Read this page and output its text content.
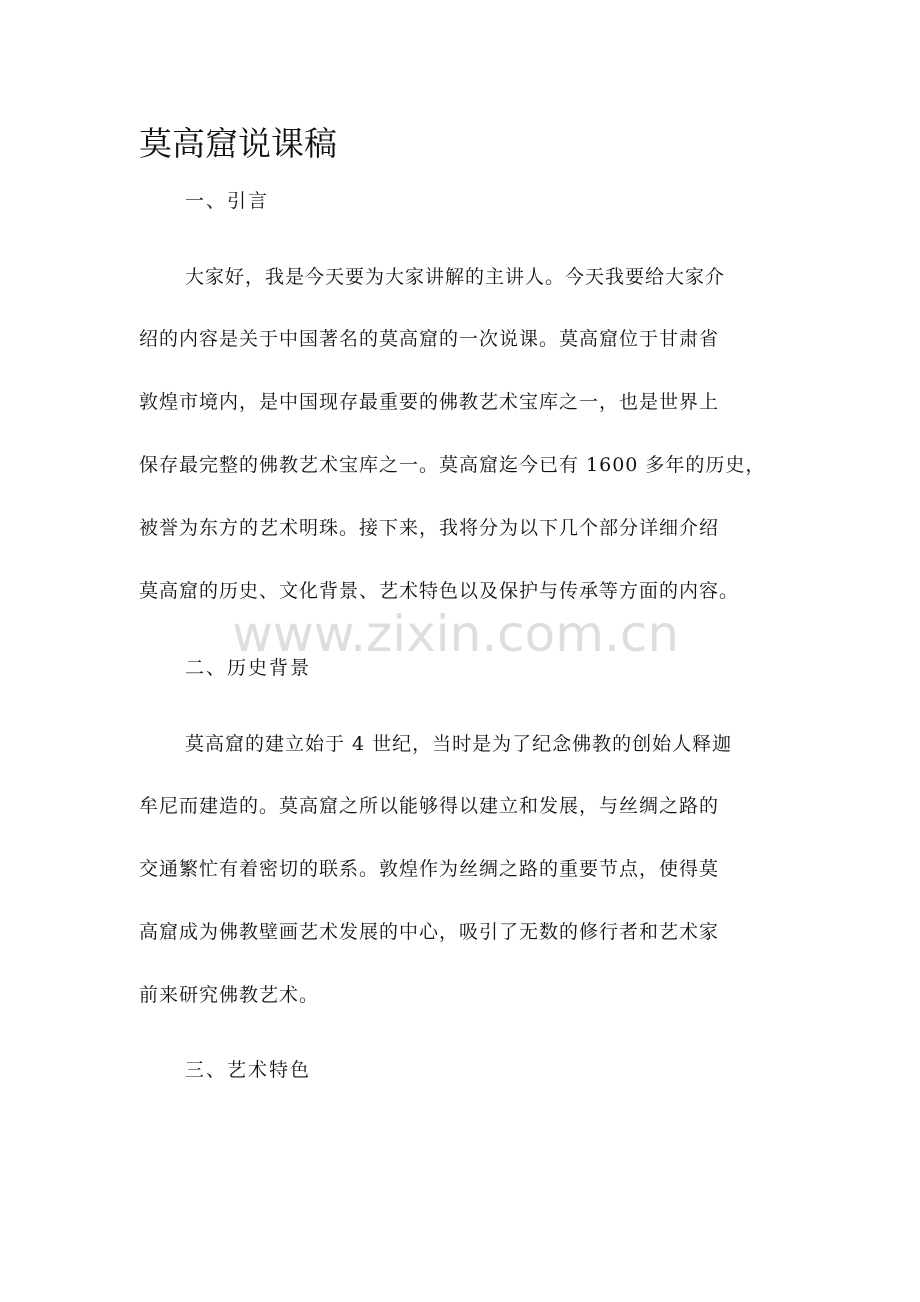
莫高窟说课稿
一、引言
大家好，我是今天要为大家讲解的主讲人。今天我要给大家介
绍的内容是关于中国著名的莫高窟的一次说课。莫高窟位于甘肃省
敦煌市境内，是中国现存最重要的佛教艺术宝库之一，也是世界上
保存最完整的佛教艺术宝库之一。莫高窟迄今已有 1600 多年的历史，
被誉为东方的艺术明珠。接下来，我将分为以下几个部分详细介绍
莫高窟的历史、文化背景、艺术特色以及保护与传承等方面的内容。
www.zixin.com.cn
二、历史背景
莫高窟的建立始于 4 世纪，当时是为了纪念佛教的创始人释迦
牟尼而建造的。莫高窟之所以能够得以建立和发展，与丝绸之路的
交通繁忙有着密切的联系。敦煌作为丝绸之路的重要节点，使得莫
高窟成为佛教壁画艺术发展的中心，吸引了无数的修行者和艺术家
前来研究佛教艺术。
三、艺术特色
